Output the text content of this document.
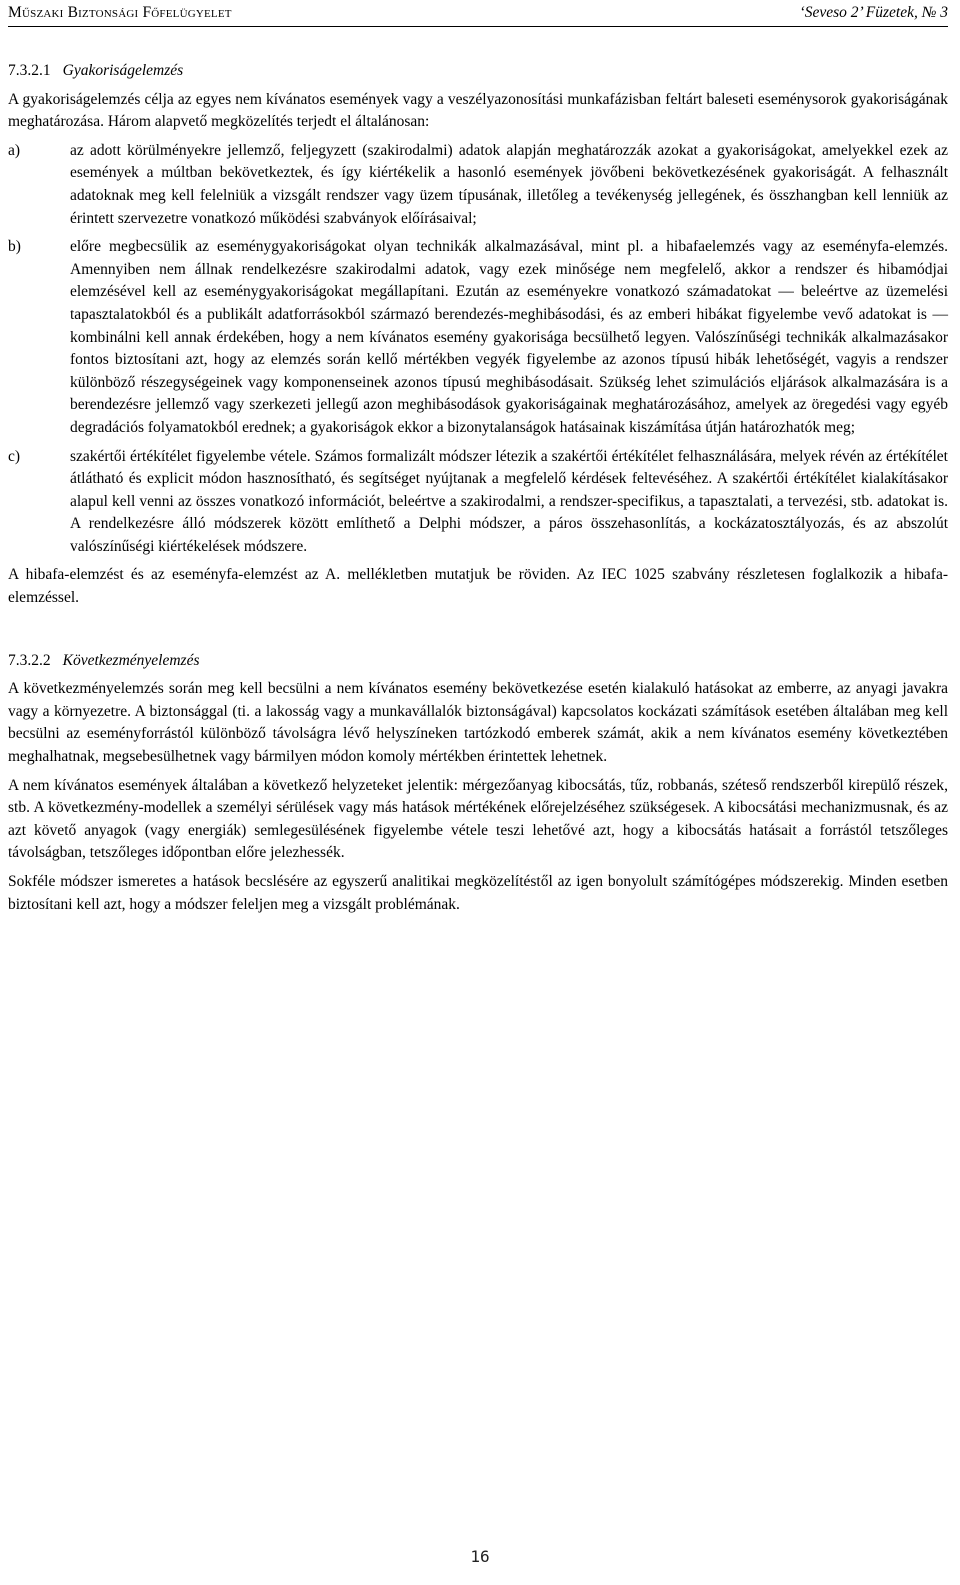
Műszaki Biztonsági Főfelügyelet	‘Seveso 2’ Füzetek, № 3
7.3.2.1 Gyakoriságelemzés

A gyakoriságelemzés célja az egyes nem kívánatos események vagy a veszélyazonosítási munkafázisban feltárt baleseti eseménysorok gyakoriságának meghatározása. Három alapvető megközelítés terjedt el általánosan:

a)	az adott körülményekre jellemző, feljegyzett (szakirodalmi) adatok alapján meghatározzák azokat a gyakoriságokat, amelyekkel ezek az események a múltban bekövetkeztek, és így kiértékelik a hasonló események jövőbeni bekövetkezésének gyakoriságát. A felhasznált adatoknak meg kell felelniük a vizsgált rendszer vagy üzem típusának, illetőleg a tevékenység jellegének, és összhangban kell lenniük az érintett szervezetre vonatkozó működési szabványok előírásaival;
b)	előre megbecsülik az eseménygyakoriságokat olyan technikák alkalmazásával, mint pl. a hibafaelemzés vagy az eseményfa-elemzés. Amennyiben nem állnak rendelkezésre szakirodalmi adatok, vagy ezek minősége nem megfelelő, akkor a rendszer és hibamódjai elemzésével kell az eseménygyakoriságokat megállapítani. Ezután az eseményekre vonatkozó számadatokat — beleértve az üzemelési tapasztalatokból és a publikált adatforrásokból származó berendezés-meghibásodási, és az emberi hibákat figyelembe vevő adatokat is — kombinálni kell annak érdekében, hogy a nem kívánatos esemény gyakorisága becsülhető legyen. Valószínűségi technikák alkalmazásakor fontos biztosítani azt, hogy az elemzés során kellő mértékben vegyék figyelembe az azonos típusú hibák lehetőségét, vagyis a rendszer különböző részegységeinek vagy komponenseinek azonos típusú meghibásodásait. Szükség lehet szimulációs eljárások alkalmazására is a berendezésre jellemző vagy szerkezeti jellegű azon meghibásodások gyakoriságainak meghatározásához, amelyek az öregedési vagy egyéb degradációs folyamatokból erednek; a gyakoriságok ekkor a bizonytalanságok hatásainak kiszámítása útján határozhatók meg;
c)	szakértői értékítélet figyelembe vétele. Számos formalizált módszer létezik a szakértői értékítélet felhasználására, melyek révén az értékítélet átlátható és explicit módon hasznosítható, és segítséget nyújtanak a megfelelő kérdések feltevéséhez. A szakértői értékítélet kialakításakor alapul kell venni az összes vonatkozó információt, beleértve a szakirodalmi, a rendszer-specifikus, a tapasztalati, a tervezési, stb. adatokat is. A rendelkezésre álló módszerek között említhető a Delphi módszer, a páros összehasonlítás, a kockázatosztályozás, és az abszolút valószínűségi kiértékelések módszere.

A hibafa-elemzést és az eseményfa-elemzést az A. mellékletben mutatjuk be röviden. Az IEC 1025 szabvány részletesen foglalkozik a hibafa-elemzéssel.

7.3.2.2 Következményelemzés

A következményelemzés során meg kell becsülni a nem kívánatos esemény bekövetkezése esetén kialakuló hatásokat az emberre, az anyagi javakra vagy a környezetre. A biztonsággal (ti. a lakosság vagy a munkavállalók biztonságával) kapcsolatos kockázati számítások esetében általában meg kell becsülni az eseményforrástól különböző távolságra lévő helyszíneken tartózkodó emberek számát, akik a nem kívánatos esemény következtében meghalhatnak, megsebesülhetnek vagy bármilyen módon komoly mértékben érintettek lehetnek.

A nem kívánatos események általában a következő helyzeteket jelentik: mérgezőanyag kibocsátás, tűz, robbanás, széteső rendszerből kirepülő részek, stb. A következmény-modellek a személyi sérülések vagy más hatások mértékének előrejelzéséhez szükségesek. A kibocsátási mechanizmusnak, és az azt követő anyagok (vagy energiák) semlegesülésének figyelembe vétele teszi lehetővé azt, hogy a kibocsátás hatásait a forrástól tetszőleges távolságban, tetszőleges időpontban előre jelezhessék.

Sokféle módszer ismeretes a hatások becslésére az egyszerű analitikai megközelítéstől az igen bonyolult számítógépes módszerekig. Minden esetben biztosítani kell azt, hogy a módszer feleljen meg a vizsgált problémának.

16
